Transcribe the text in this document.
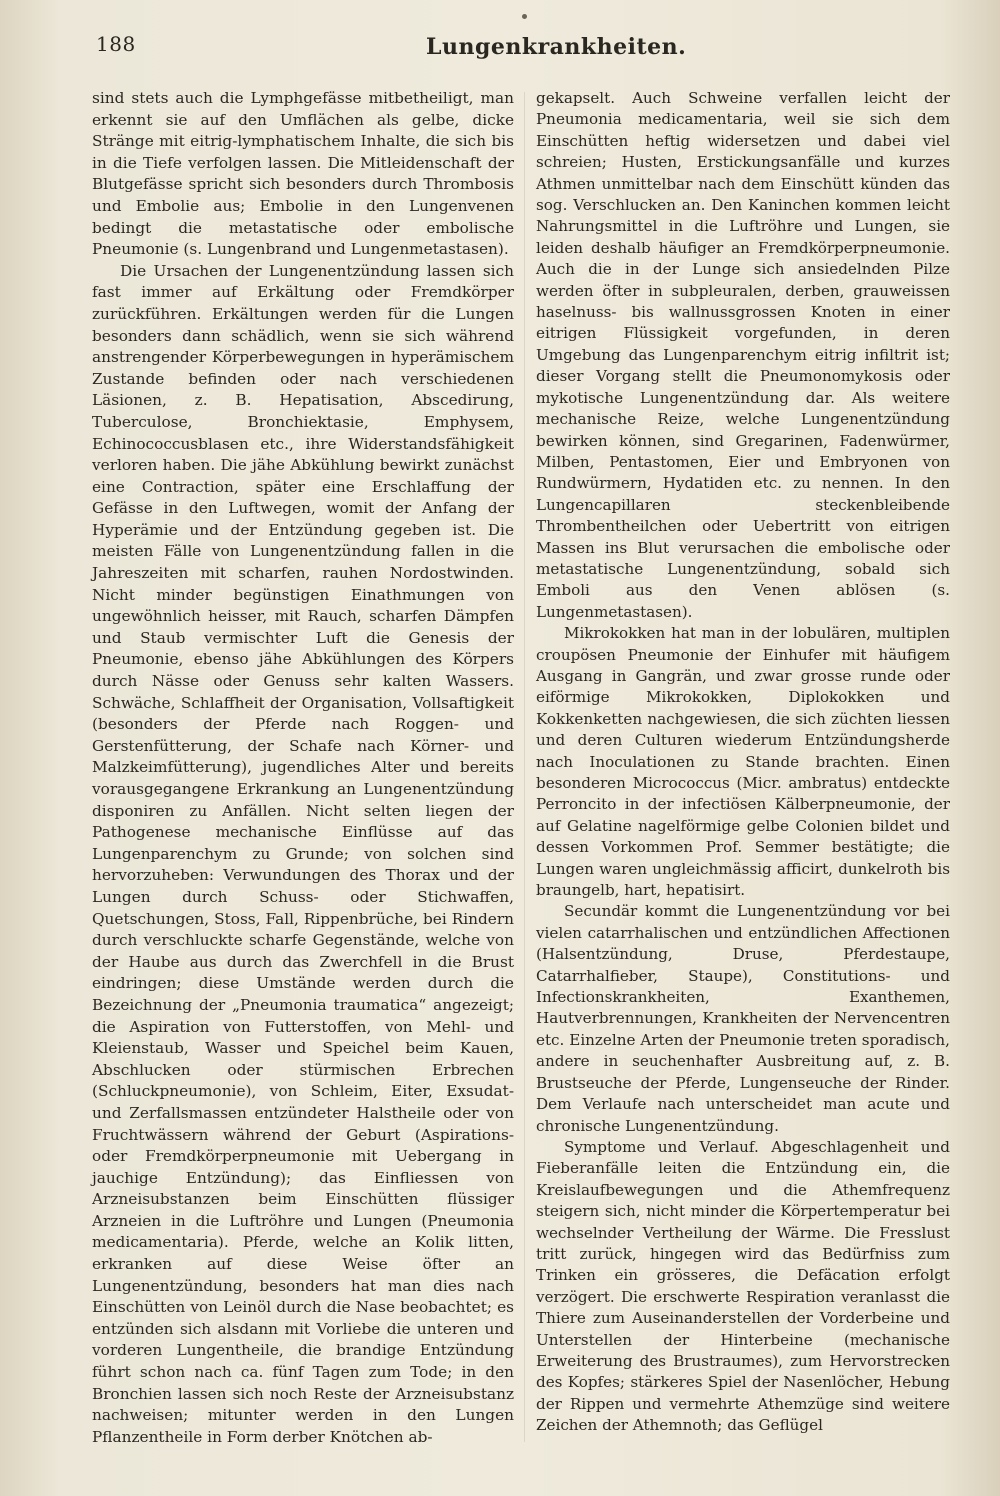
188	Lungenkrankheiten.

sind stets auch die Lymphgefässe mitbetheiligt, man erkennt sie auf den Umflächen als gelbe, dicke Stränge mit eitrig-lymphatischem Inhalte, die sich bis in die Tiefe verfolgen lassen. Die Mitleidenschaft der Blutgefässe spricht sich besonders durch Thrombosis und Embolie aus; Embolie in den Lungenvenen bedingt die metastatische oder embolische Pneumonie (s. Lungenbrand und Lungenmetastasen).

Die Ursachen der Lungenentzündung lassen sich fast immer auf Erkältung oder Fremdkörper zurückführen. Erkältungen werden für die Lungen besonders dann schädlich, wenn sie sich während anstrengender Körperbewegungen in hyperämischem Zustande befinden oder nach verschiedenen Läsionen, z. B. Hepatisation, Abscedirung, Tuberculose, Bronchiektasie, Emphysem, Echinococcusblasen etc., ihre Widerstandsfähigkeit verloren haben. Die jähe Abkühlung bewirkt zunächst eine Contraction, später eine Erschlaffung der Gefässe in den Luftwegen, womit der Anfang der Hyperämie und der Entzündung gegeben ist. Die meisten Fälle von Lungenentzündung fallen in die Jahreszeiten mit scharfen, rauhen Nordostwinden. Nicht minder begünstigen Einathmungen von ungewöhnlich heisser, mit Rauch, scharfen Dämpfen und Staub vermischter Luft die Genesis der Pneumonie, ebenso jähe Abkühlungen des Körpers durch Nässe oder Genuss sehr kalten Wassers. Schwäche, Schlaffheit der Organisation, Vollsaftigkeit (besonders der Pferde nach Roggen- und Gerstenfütterung, der Schafe nach Körner- und Malzkeimfütterung), jugendliches Alter und bereits vorausgegangene Erkrankung an Lungenentzündung disponiren zu Anfällen. Nicht selten liegen der Pathogenese mechanische Einflüsse auf das Lungenparenchym zu Grunde; von solchen sind hervorzuheben: Verwundungen des Thorax und der Lungen durch Schuss- oder Stichwaffen, Quetschungen, Stoss, Fall, Rippenbrüche, bei Rindern durch verschluckte scharfe Gegenstände, welche von der Haube aus durch das Zwerchfell in die Brust eindringen; diese Umstände werden durch die Bezeichnung der „Pneumonia traumatica“ angezeigt; die Aspiration von Futterstoffen, von Mehl- und Kleienstaub, Wasser und Speichel beim Kauen, Abschlucken oder stürmischen Erbrechen (Schluckpneumonie), von Schleim, Eiter, Exsudat- und Zerfallsmassen entzündeter Halstheile oder von Fruchtwässern während der Geburt (Aspirations- oder Fremdkörperpneumonie mit Uebergang in jauchige Entzündung); das Einfliessen von Arzneisubstanzen beim Einschütten flüssiger Arzneien in die Luftröhre und Lungen (Pneumonia medicamentaria). Pferde, welche an Kolik litten, erkranken auf diese Weise öfter an Lungenentzündung, besonders hat man dies nach Einschütten von Leinöl durch die Nase beobachtet; es entzünden sich alsdann mit Vorliebe die unteren und vorderen Lungentheile, die brandige Entzündung führt schon nach ca. fünf Tagen zum Tode; in den Bronchien lassen sich noch Reste der Arzneisubstanz nachweisen; mitunter werden in den Lungen Pflanzentheile in Form derber Knötchen ab-

gekapselt. Auch Schweine verfallen leicht der Pneumonia medicamentaria, weil sie sich dem Einschütten heftig widersetzen und dabei viel schreien; Husten, Erstickungsanfälle und kurzes Athmen unmittelbar nach dem Einschütt künden das sog. Verschlucken an. Den Kaninchen kommen leicht Nahrungsmittel in die Luftröhre und Lungen, sie leiden deshalb häufiger an Fremdkörperpneumonie. Auch die in der Lunge sich ansiedelnden Pilze werden öfter in subpleuralen, derben, grauweissen haselnuss- bis wallnussgrossen Knoten in einer eitrigen Flüssigkeit vorgefunden, in deren Umgebung das Lungenparenchym eitrig infiltrit ist; dieser Vorgang stellt die Pneumonomykosis oder mykotische Lungenentzündung dar. Als weitere mechanische Reize, welche Lungenentzündung bewirken können, sind Gregarinen, Fadenwürmer, Milben, Pentastomen, Eier und Embryonen von Rundwürmern, Hydatiden etc. zu nennen. In den Lungencapillaren steckenbleibende Thrombentheilchen oder Uebertritt von eitrigen Massen ins Blut verursachen die embolische oder metastatische Lungenentzündung, sobald sich Emboli aus den Venen ablösen (s. Lungenmetastasen).

Mikrokokken hat man in der lobulären, multiplen croupösen Pneumonie der Einhufer mit häufigem Ausgang in Gangrän, und zwar grosse runde oder eiförmige Mikrokokken, Diplokokken und Kokkenketten nachgewiesen, die sich züchten liessen und deren Culturen wiederum Entzündungsherde nach Inoculationen zu Stande brachten. Einen besonderen Micrococcus (Micr. ambratus) entdeckte Perroncito in der infectiösen Kälberpneumonie, der auf Gelatine nagelförmige gelbe Colonien bildet und dessen Vorkommen Prof. Semmer bestätigte; die Lungen waren ungleichmässig afficirt, dunkelroth bis braungelb, hart, hepatisirt.

Secundär kommt die Lungenentzündung vor bei vielen catarrhalischen und entzündlichen Affectionen (Halsentzündung, Druse, Pferdestaupe, Catarrhalfieber, Staupe), Constitutions- und Infectionskrankheiten, Exanthemen, Hautverbrennungen, Krankheiten der Nervencentren etc. Einzelne Arten der Pneumonie treten sporadisch, andere in seuchenhafter Ausbreitung auf, z. B. Brustseuche der Pferde, Lungenseuche der Rinder. Dem Verlaufe nach unterscheidet man acute und chronische Lungenentzündung.

Symptome und Verlauf. Abgeschlagenheit und Fieberanfälle leiten die Entzündung ein, die Kreislaufbewegungen und die Athemfrequenz steigern sich, nicht minder die Körpertemperatur bei wechselnder Vertheilung der Wärme. Die Fresslust tritt zurück, hingegen wird das Bedürfniss zum Trinken ein grösseres, die Defäcation erfolgt verzögert. Die erschwerte Respiration veranlasst die Thiere zum Auseinanderstellen der Vorderbeine und Unterstellen der Hinterbeine (mechanische Erweiterung des Brustraumes), zum Hervorstrecken des Kopfes; stärkeres Spiel der Nasenlöcher, Hebung der Rippen und vermehrte Athemzüge sind weitere Zeichen der Athemnoth; das Geflügel
